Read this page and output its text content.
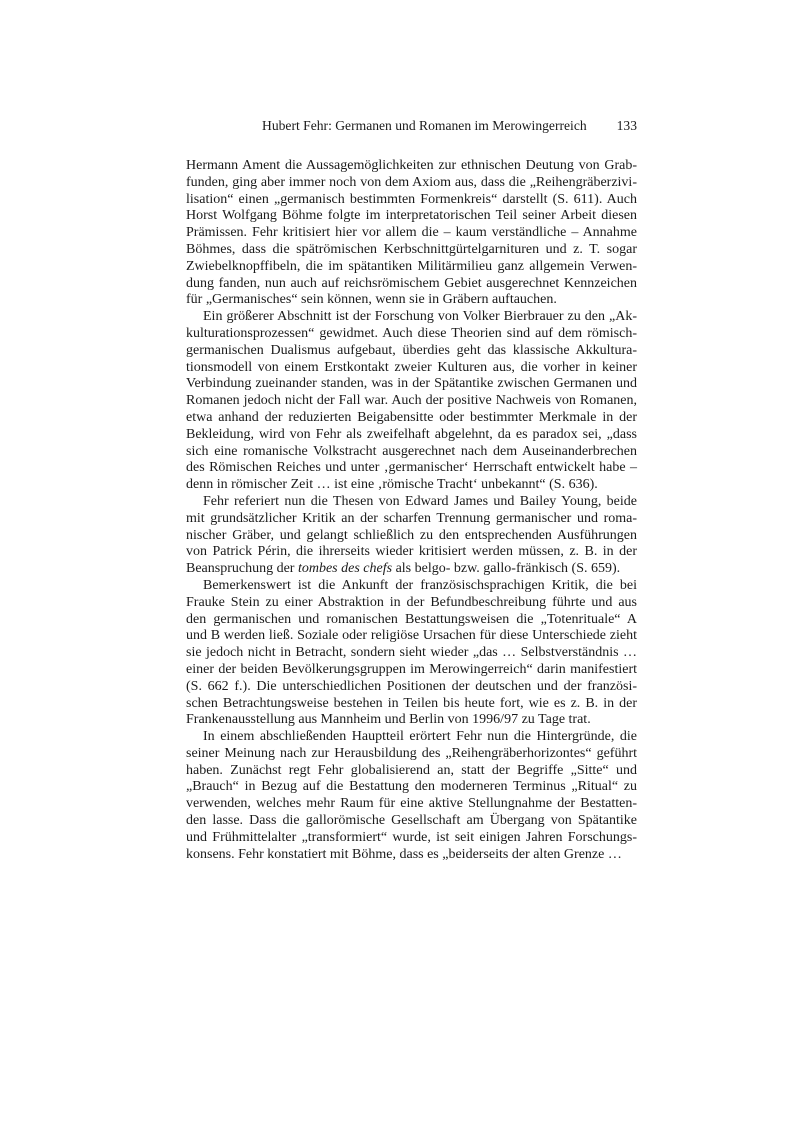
Hubert Fehr: Germanen und Romanen im Merowingerreich 133
Hermann Ament die Aussagemöglichkeiten zur ethnischen Deutung von Grab-
funden, ging aber immer noch von dem Axiom aus, dass die „Reihengräberzivi-
lisation“ einen „germanisch bestimmten Formenkreis“ darstellt (S. 611). Auch
Horst Wolfgang Böhme folgte im interpretatorischen Teil seiner Arbeit diesen
Prämissen. Fehr kritisiert hier vor allem die – kaum verständliche – Annahme
Böhmes, dass die spätrömischen Kerbschnittgürtelgarnituren und z. T. sogar
Zwiebelknopffibeln, die im spätantiken Militärmilieu ganz allgemein Verwen-
dung fanden, nun auch auf reichsrömischem Gebiet ausgerechnet Kennzeichen
für „Germanisches“ sein können, wenn sie in Gräbern auftauchen.
Ein größerer Abschnitt ist der Forschung von Volker Bierbrauer zu den „Ak-
kulturationsprozessen“ gewidmet. Auch diese Theorien sind auf dem römisch-
germanischen Dualismus aufgebaut, überdies geht das klassische Akkultura-
tionsmodell von einem Erstkontakt zweier Kulturen aus, die vorher in keiner
Verbindung zueinander standen, was in der Spätantike zwischen Germanen und
Romanen jedoch nicht der Fall war. Auch der positive Nachweis von Romanen,
etwa anhand der reduzierten Beigabensitte oder bestimmter Merkmale in der
Bekleidung, wird von Fehr als zweifelhaft abgelehnt, da es paradox sei, „dass
sich eine romanische Volkstracht ausgerechnet nach dem Auseinanderbrechen
des Römischen Reiches und unter ‚germanischer‘ Herrschaft entwickelt habe –
denn in römischer Zeit … ist eine ‚römische Tracht‘ unbekannt“ (S. 636).
Fehr referiert nun die Thesen von Edward James und Bailey Young, beide
mit grundsätzlicher Kritik an der scharfen Trennung germanischer und roma-
nischer Gräber, und gelangt schließlich zu den entsprechenden Ausführungen
von Patrick Périn, die ihrerseits wieder kritisiert werden müssen, z. B. in der
Beanspruchung der tombes des chefs als belgo- bzw. gallo-fränkisch (S. 659).
Bemerkenswert ist die Ankunft der französischsprachigen Kritik, die bei
Frauke Stein zu einer Abstraktion in der Befundbeschreibung führte und aus
den germanischen und romanischen Bestattungsweisen die „Totenrituale“ A
und B werden ließ. Soziale oder religiöse Ursachen für diese Unterschiede zieht
sie jedoch nicht in Betracht, sondern sieht wieder „das … Selbstverständnis …
einer der beiden Bevölkerungsgruppen im Merowingerreich“ darin manifestiert
(S. 662 f.). Die unterschiedlichen Positionen der deutschen und der französi-
schen Betrachtungsweise bestehen in Teilen bis heute fort, wie es z. B. in der
Frankenausstellung aus Mannheim und Berlin von 1996/97 zu Tage trat.
In einem abschließenden Hauptteil erörtert Fehr nun die Hintergründe, die
seiner Meinung nach zur Herausbildung des „Reihengräberhorizontes“ geführt
haben. Zunächst regt Fehr globalisierend an, statt der Begriffe „Sitte“ und
„Brauch“ in Bezug auf die Bestattung den moderneren Terminus „Ritual“ zu
verwenden, welches mehr Raum für eine aktive Stellungnahme der Bestatten-
den lasse. Dass die gallorömische Gesellschaft am Übergang von Spätantike
und Frühmittelalter „transformiert“ wurde, ist seit einigen Jahren Forschungs-
konsens. Fehr konstatiert mit Böhme, dass es „beiderseits der alten Grenze …
